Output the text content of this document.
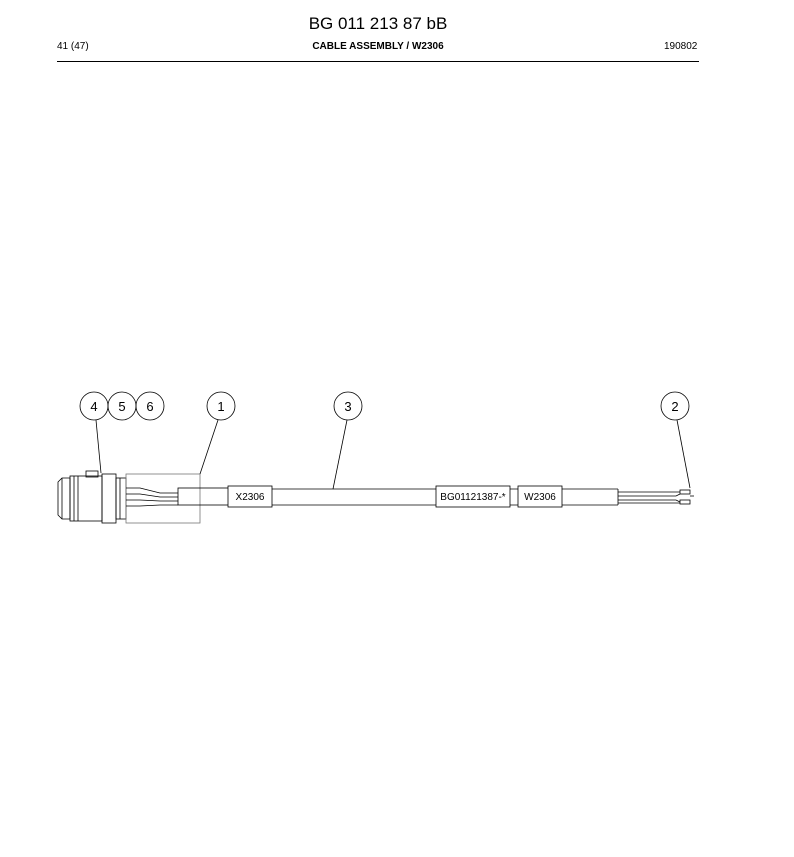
BG 011 213 87 bB
41 (47)	CABLE ASSEMBLY / W2306	190802
4 5 6	1	3	2
X2306	BG01121387-* W2306
